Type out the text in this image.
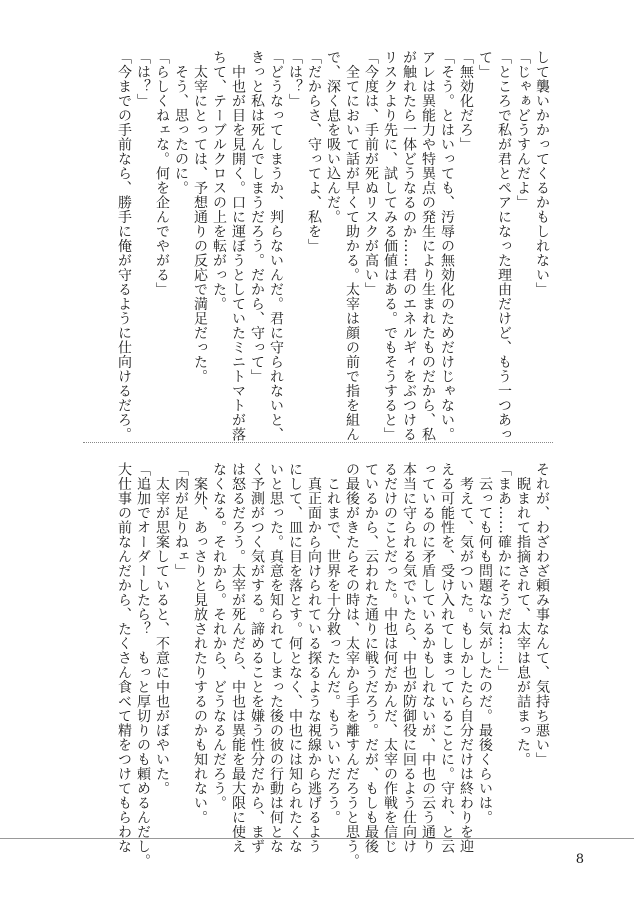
して襲いかかってくるかもしれない」

「じゃぁどうすんだよ」

「ところで私が君とペアになった理由だけど、もう一つあっ

て」

「無効化だろ」

「そう。とはいっても、汚辱の無効化のためだけじゃない。

アレは異能力や特異点の発生により生まれたものだから、私

が触れたら一体どうなるのか……君のエネルギィをぶつける

リスクより先に、試してみる価値はある。でもそうすると」

「今度は、手前が死ぬリスクが高い」

　全てにおいて話が早くて助かる。太宰は顔の前で指を組ん

で、深く息を吸い込んだ。

「だからさ、守ってよ、私を」

「は？」

「どうなってしまうか、判らないんだ。君に守られないと、

きっと私は死んでしまうだろう。だから、守って」

　中也が目を見開く。口に運ぼうとしていたミニトマトが落

ちて、テーブルクロスの上を転がった。

　太宰にとっては、予想通りの反応で満足だった。

　そう、思ったのに。

「らしくねェな。何を企んでやがる」

「は？」

「今までの手前なら、勝手に俺が守るように仕向けるだろ。

それが、わざわざ頼み事なんて、気持ち悪い」

　睨まれて指摘されて、太宰は息が詰まった。

「まあ……確かにそうだね……」

　云っても何も問題ない気がしたのだ。最後くらいは。

　考えて、気がついた。もしかしたら自分だけは終わりを迎

える可能性を、受け入れてしまっていることに。守れ、と云

っているのに矛盾しているかもしれないが、中也の云う通り

本当に守られる気でいたら、中也が防御役に回るよう仕向け

るだけのことだった。中也は何だかんだ、太宰の作戦を信じ

ているから、云われた通りに戦うだろう。だが、もしも最後

の最後がきたらその時は、太宰から手を離すんだろうと思う。

　これまで、世界を十分救ったんだ。もういいだろう。

　真正面から向けられている探るような視線から逃げるよう

にして、皿に目を落とす。何となく、中也には知られたくな

いと思った。真意を知られてしまった後の彼の行動は何とな

く予測がつく気がする。諦めることを嫌う性分だから、まず

は怒るだろう。太宰が死んだら、中也は異能を最大限に使え

なくなる。それから。それから、どうなるんだろう。

　案外、あっさりと見放されたりするのかも知れない。

「肉が足りねェ」

　太宰が思案していると、不意に中也がぼやいた。

「追加でオーダーしたら？　もっと厚切りのも頼めるんだし。

大仕事の前なんだから、たくさん食べて精をつけてもらわな

8
